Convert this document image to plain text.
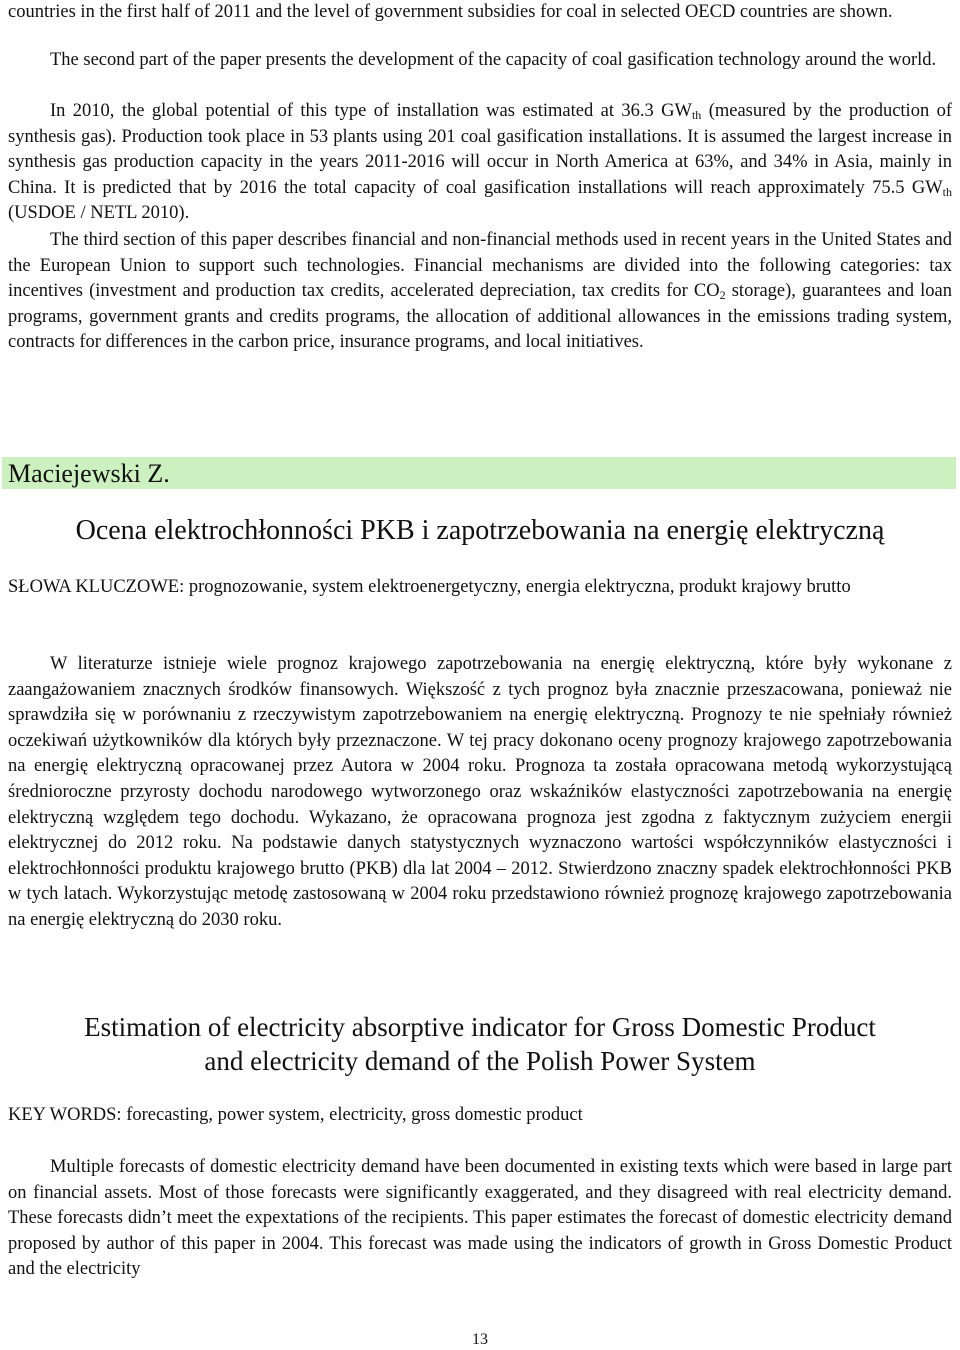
countries in the first half of 2011 and the level of government subsidies for coal in selected OECD countries are shown.

The second part of the paper presents the development of the capacity of coal gasification technology around the world.

In 2010, the global potential of this type of installation was estimated at 36.3 $GW_{th}$ (measured by the production of synthesis gas). Production took place in 53 plants using 201 coal gasification installations. It is assumed the largest increase in synthesis gas production capacity in the years 2011-2016 will occur in North America at 63%, and 34% in Asia, mainly in China. It is predicted that by 2016 the total capacity of coal gasification installations will reach approximately 75.5 $GW_{th}$ (USDOE / NETL 2010).

The third section of this paper describes financial and non-financial methods used in recent years in the United States and the European Union to support such technologies. Financial mechanisms are divided into the following categories: tax incentives (investment and production tax credits, accelerated depreciation, tax credits for $CO_2$ storage), guarantees and loan programs, government grants and credits programs, the allocation of additional allowances in the emissions trading system, contracts for differences in the carbon price, insurance programs, and local initiatives.

Maciejewski Z.
Ocena elektrochłonności PKB i zapotrzebowania na energię elektryczną

SŁOWA KLUCZOWE: prognozowanie, system elektroenergetyczny, energia elektryczna, produkt krajowy brutto

W literaturze istnieje wiele prognoz krajowego zapotrzebowania na energię elektryczną, które były wykonane z zaangażowaniem znacznych środków finansowych. Większość z tych prognoz była znacznie przeszacowana, ponieważ nie sprawdziła się w porównaniu z rzeczywistym zapotrzebowaniem na energię elektryczną. Prognozy te nie spełniały również oczekiwań użytkowników dla których były przeznaczone. W tej pracy dokonano oceny prognozy krajowego zapotrzebowania na energię elektryczną opracowanej przez Autora w 2004 roku. Prognoza ta została opracowana metodą wykorzystującą średnioroczne przyrosty dochodu narodowego wytworzonego oraz wskaźników elastyczności zapotrzebowania na energię elektryczną względem tego dochodu. Wykazano, że opracowana prognoza jest zgodna z faktycznym zużyciem energii elektrycznej do 2012 roku. Na podstawie danych statystycznych wyznaczono wartości współczynników elastyczności i elektrochłonności produktu krajowego brutto (PKB) dla lat 2004 – 2012. Stwierdzono znaczny spadek elektrochłonności PKB w tych latach. Wykorzystując metodę zastosowaną w 2004 roku przedstawiono również prognozę krajowego zapotrzebowania na energię elektryczną do 2030 roku.

Estimation of electricity absorptive indicator for Gross Domestic Product
and electricity demand of the Polish Power System

KEY WORDS: forecasting, power system, electricity, gross domestic product

Multiple forecasts of domestic electricity demand have been documented in existing texts which were based in large part on financial assets. Most of those forecasts were significantly exaggerated, and they disagreed with real electricity demand. These forecasts didn’t meet the expextations of the recipients. This paper estimates the forecast of domestic electricity demand proposed by author of this paper in 2004. This forecast was made using the indicators of growth in Gross Domestic Product and the electricity

13
